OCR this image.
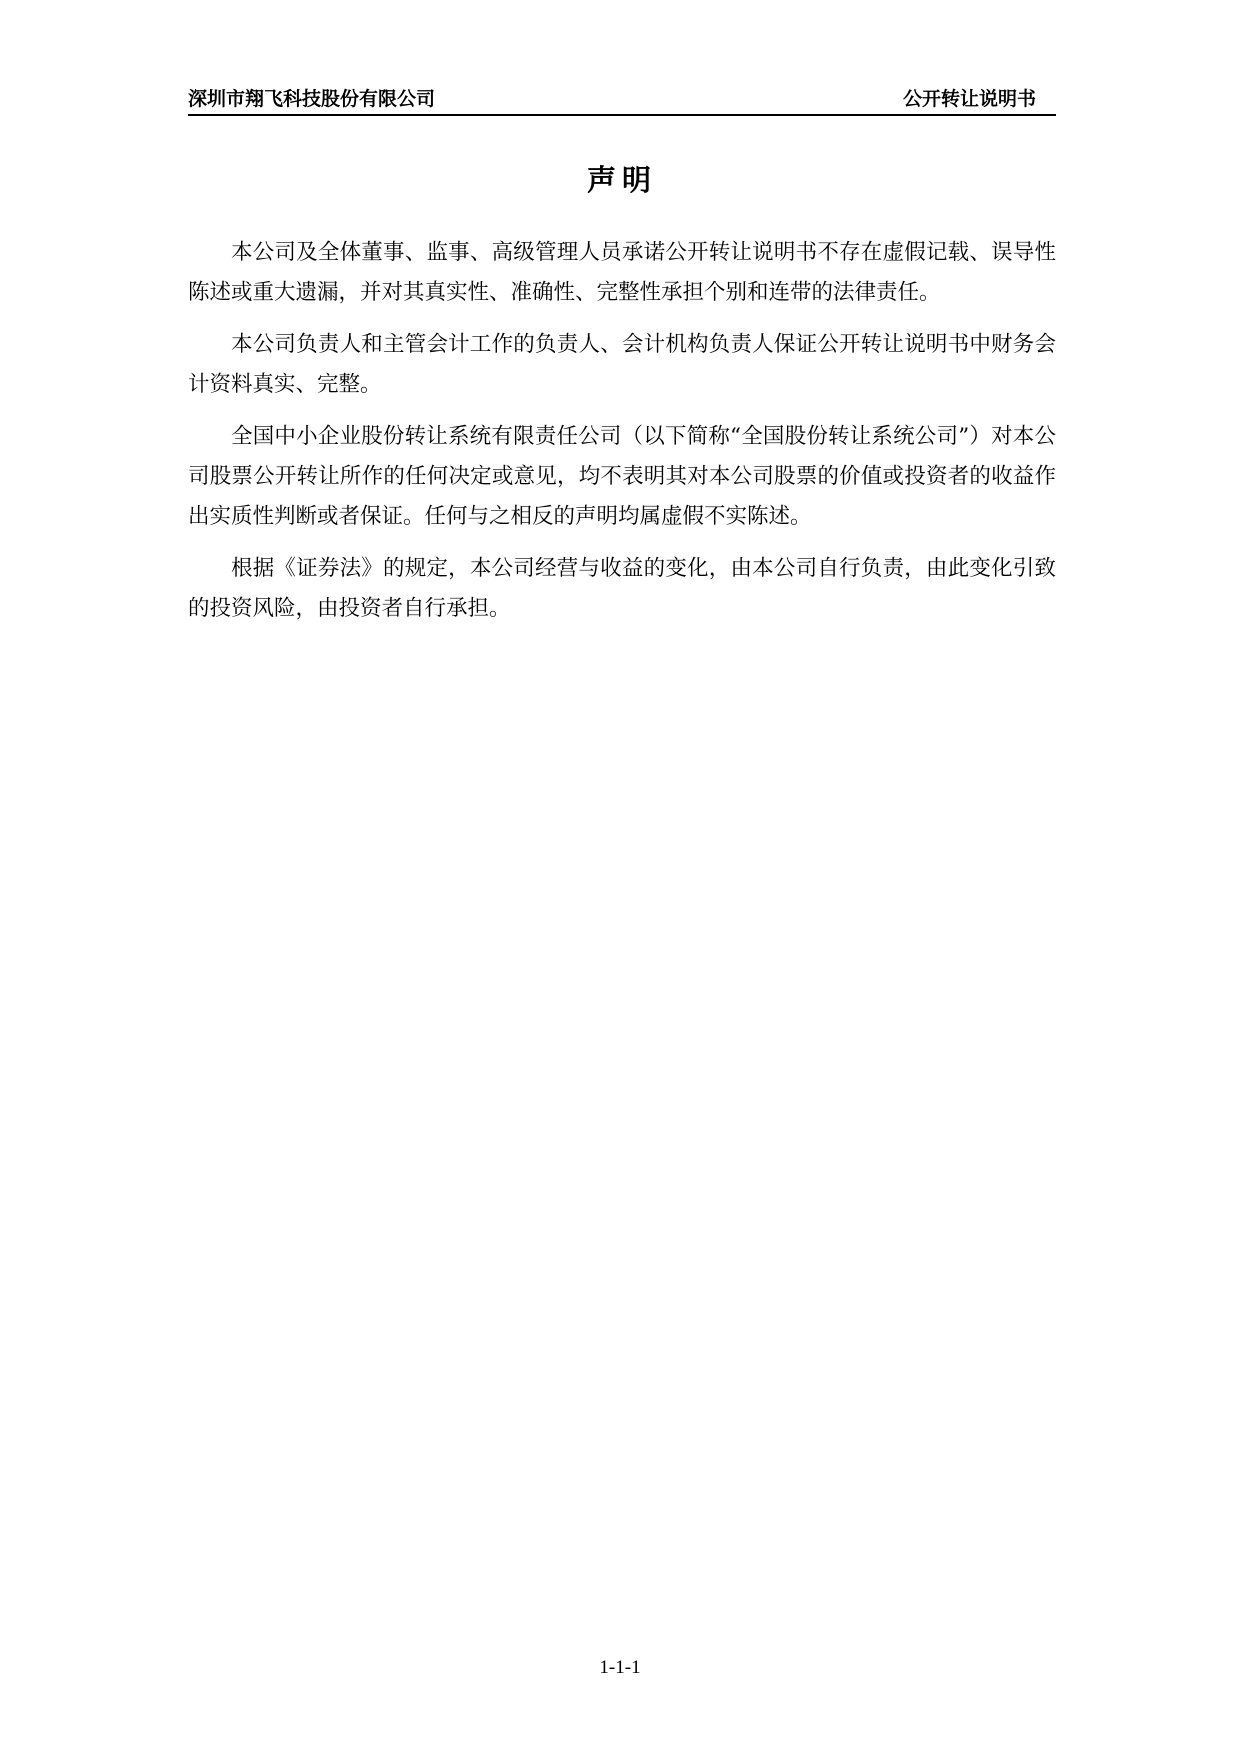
深圳市翔飞科技股份有限公司	公开转让说明书
声明

本公司及全体董事、监事、高级管理人员承诺公开转让说明书不存在虚假记载、误导性陈述或重大遗漏，并对其真实性、准确性、完整性承担个别和连带的法律责任。

本公司负责人和主管会计工作的负责人、会计机构负责人保证公开转让说明书中财务会计资料真实、完整。

全国中小企业股份转让系统有限责任公司（以下简称“全国股份转让系统公司”）对本公司股票公开转让所作的任何决定或意见，均不表明其对本公司股票的价值或投资者的收益作出实质性判断或者保证。任何与之相反的声明均属虚假不实陈述。

根据《证券法》的规定，本公司经营与收益的变化，由本公司自行负责，由此变化引致的投资风险，由投资者自行承担。

1-1-1
